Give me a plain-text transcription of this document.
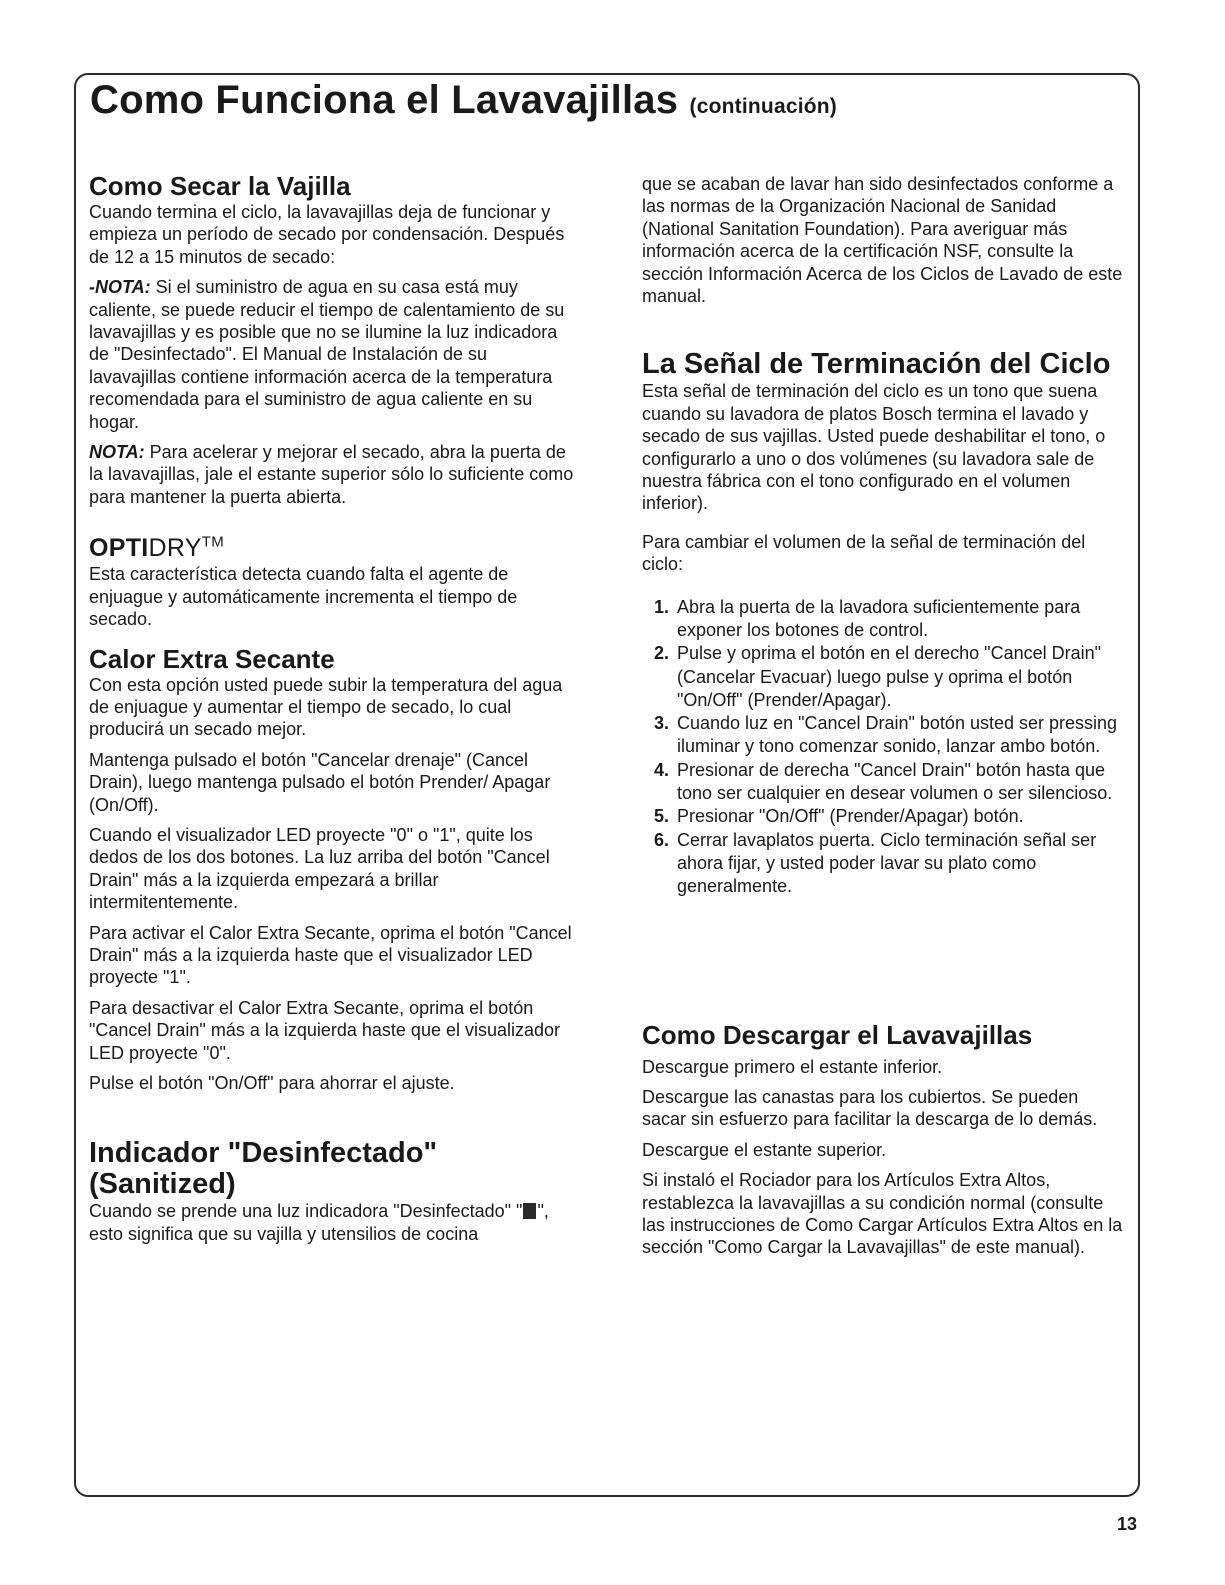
Como Funciona el Lavavajillas (continuación)
Como Secar la Vajilla

Cuando termina el ciclo, la lavavajillas deja de funcionar y empieza un período de secado por condensación. Después de 12 a 15 minutos de secado:

-NOTA: Si el suministro de agua en su casa está muy caliente, se puede reducir el tiempo de calentamiento de su lavavajillas y es posible que no se ilumine la luz indicadora de "Desinfectado". El Manual de Instalación de su lavavajillas contiene información acerca de la temperatura recomendada para el suministro de agua caliente en su hogar.

NOTA: Para acelerar y mejorar el secado, abra la puerta de la lavavajillas, jale el estante superior sólo lo suficiente como para mantener la puerta abierta.

OPTIDRY™

Esta característica detecta cuando falta el agente de enjuague y automáticamente incrementa el tiempo de secado.

Calor Extra Secante

Con esta opción usted puede subir la temperatura del agua de enjuague y aumentar el tiempo de secado, lo cual producirá un secado mejor.

Mantenga pulsado el botón "Cancelar drenaje" (Cancel Drain), luego mantenga pulsado el botón Prender/ Apagar (On/Off).

Cuando el visualizador LED proyecte "0" o "1", quite los dedos de los dos botones. La luz arriba del botón "Cancel Drain" más a la izquierda empezará a brillar intermitentemente.

Para activar el Calor Extra Secante, oprima el botón "Cancel Drain" más a la izquierda haste que el visualizador LED proyecte "1".

Para desactivar el Calor Extra Secante, oprima el botón "Cancel Drain" más a la izquierda haste que el visualizador LED proyecte "0".

Pulse el botón "On/Off" para ahorrar el ajuste.

Indicador "Desinfectado"
(Sanitized)

Cuando se prende una luz indicadora "Desinfectado" " ", esto significa que su vajilla y utensilios de cocina

que se acaban de lavar han sido desinfectados conforme a las normas de la Organización Nacional de Sanidad (National Sanitation Foundation). Para averiguar más información acerca de la certificación NSF, consulte la sección Información Acerca de los Ciclos de Lavado de este manual.

La Señal de Terminación del Ciclo

Esta señal de terminación del ciclo es un tono que suena cuando su lavadora de platos Bosch termina el lavado y secado de sus vajillas. Usted puede deshabilitar el tono, o configurarlo a uno o dos volúmenes (su lavadora sale de nuestra fábrica con el tono configurado en el volumen inferior).

Para cambiar el volumen de la señal de terminación del ciclo:

1. Abra la puerta de la lavadora suficientemente para exponer los botones de control.
2. Pulse y oprima el botón en el derecho "Cancel Drain" (Cancelar Evacuar) luego pulse y oprima el botón "On/Off" (Prender/Apagar).
3. Cuando luz en "Cancel Drain" botón usted ser pressing iluminar y tono comenzar sonido, lanzar ambo botón.
4. Presionar de derecha "Cancel Drain" botón hasta que tono ser cualquier en desear volumen o ser silencioso.
5. Presionar "On/Off" (Prender/Apagar) botón.
6. Cerrar lavaplatos puerta. Ciclo terminación señal ser ahora fijar, y usted poder lavar su plato como generalmente.
Como Descargar el Lavavajillas

Descargue primero el estante inferior.

Descargue las canastas para los cubiertos. Se pueden sacar sin esfuerzo para facilitar la descarga de lo demás.

Descargue el estante superior.

Si instaló el Rociador para los Artículos Extra Altos, restablezca la lavavajillas a su condición normal (consulte las instrucciones de Como Cargar Artículos Extra Altos en la sección "Como Cargar la Lavavajillas" de este manual).

13
